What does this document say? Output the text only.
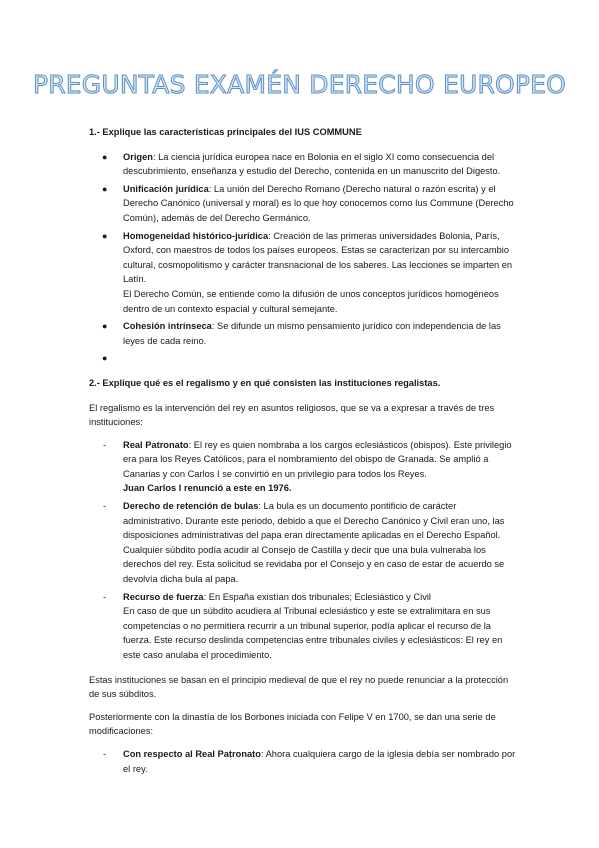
PREGUNTAS EXAMÉN DERECHO EUROPEO
1.- Explique las características principales del IUS COMMUNE
● Origen: La ciencia jurídica europea nace en Bolonia en el siglo XI como consecuencia del descubrimiento, enseñanza y estudio del Derecho, contenida en un manuscrito del Digesto.
● Unificación jurídica: La unión del Derecho Romano (Derecho natural o razón escrita) y el Derecho Canónico (universal y moral) es lo que hoy conocemos como Ius Commune (Derecho Común), además de del Derecho Germánico.
● Homogeneidad histórico-jurídica: Creación de las primeras universidades Bolonia, París, Oxford, con maestros de todos los países europeos. Estas se caracterizan por su intercambio cultural, cosmopolitismo y carácter transnacional de los saberes. Las lecciones se imparten en Latín.
El Derecho Común, se entiende como la difusión de unos conceptos jurídicos homogéneos dentro de un contexto espacial y cultural semejante.
● Cohesión intrínseca: Se difunde un mismo pensamiento jurídico con independencia de las leyes de cada reino.
●

2.- Explique qué es el regalismo y en qué consisten las instituciones regalistas.
El regalismo es la intervención del rey en asuntos religiosos, que se va a expresar a través de tres instituciones:
- Real Patronato: El rey es quien nombraba a los cargos eclesiásticos (obispos). Este privilegio era para los Reyes Católicos, para el nombramiento del obispo de Granada. Se amplió a Canarias y con Carlos I se convirtió en un privilegio para todos los Reyes.
Juan Carlos I renunció a este en 1976.
- Derecho de retención de bulas: La bula es un documento pontificio de carácter administrativo. Durante este periodo, debido a que el Derecho Canónico y Civil eran uno, las disposiciones administrativas del papa eran directamente aplicadas en el Derecho Español. Cualquier súbdito podía acudir al Consejo de Castilla y decir que una bula vulneraba los derechos del rey. Esta solicitud se revidaba por el Consejo y en caso de estar de acuerdo se devolvía dicha bula al papa.
- Recurso de fuerza: En España existían dos tribunales; Eclesiástico y Civil
En caso de que un súbdito acudiera al Tribunal eclesiástico y este se extralimitara en sus competencias o no permitiera recurrir a un tribunal superior, podía aplicar el recurso de la fuerza. Este recurso deslinda competencias entre tribunales civiles y eclesiásticos: El rey en este caso anulaba el procedimiento.
Estas instituciones se basan en el principio medieval de que el rey no puede renunciar a la protección de sus súbditos.
Posteriormente con la dinastía de los Borbones iniciada con Felipe V en 1700, se dan una serie de modificaciones:
- Con respecto al Real Patronato: Ahora cualquiera cargo de la iglesia debía ser nombrado por el rey.
